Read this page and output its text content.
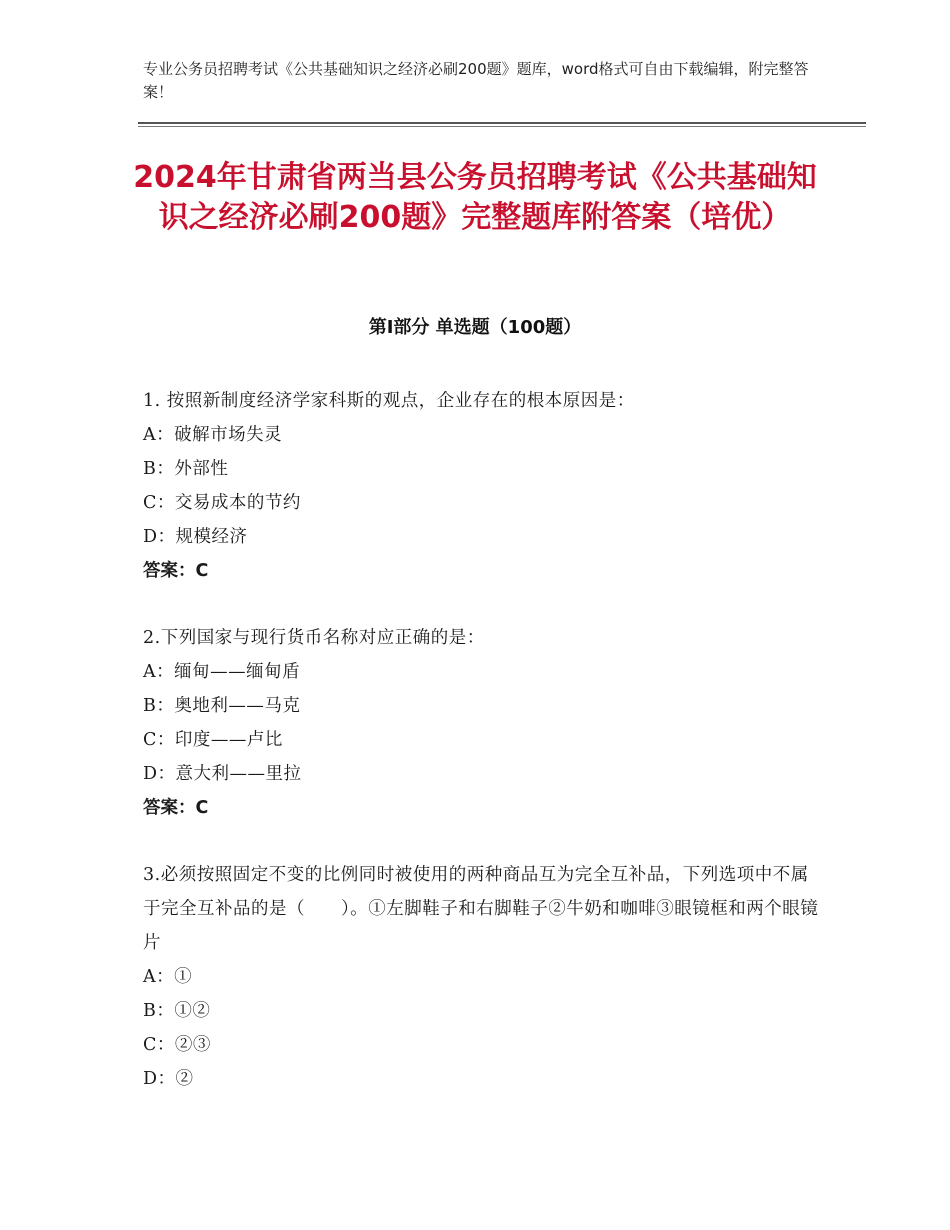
专业公务员招聘考试《公共基础知识之经济必刷200题》题库，word格式可自由下载编辑，附完整答案！
2024年甘肃省两当县公务员招聘考试《公共基础知识之经济必刷200题》完整题库附答案（培优）
第Ⅰ部分 单选题（100题）
1. 按照新制度经济学家科斯的观点，企业存在的根本原因是：
A：破解市场失灵
B：外部性
C：交易成本的节约
D：规模经济
答案：C
2.下列国家与现行货币名称对应正确的是：
A：缅甸——缅甸盾
B：奥地利——马克
C：印度——卢比
D：意大利——里拉
答案：C
3.必须按照固定不变的比例同时被使用的两种商品互为完全互补品，下列选项中不属于完全互补品的是（　　）。①左脚鞋子和右脚鞋子②牛奶和咖啡③眼镜框和两个眼镜片
A：①
B：①②
C：②③
D：②
